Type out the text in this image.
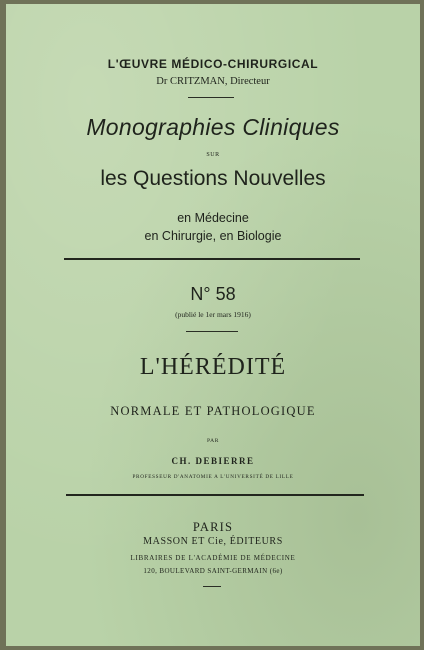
L'ŒUVRE MÉDICO-CHIRURGICAL
Dr CRITZMAN, Directeur
Monographies Cliniques
SUR
les Questions Nouvelles
en Médecine
en Chirurgie, en Biologie
N° 58
(publié le 1er mars 1916)
L'HÉRÉDITÉ
NORMALE ET PATHOLOGIQUE
PAR
CH. DEBIERRE
PROFESSEUR D'ANATOMIE A L'UNIVERSITÉ DE LILLE
PARIS
MASSON ET Cie, ÉDITEURS
LIBRAIRES DE L'ACADÉMIE DE MÉDECINE
120, BOULEVARD SAINT-GERMAIN (6e)
